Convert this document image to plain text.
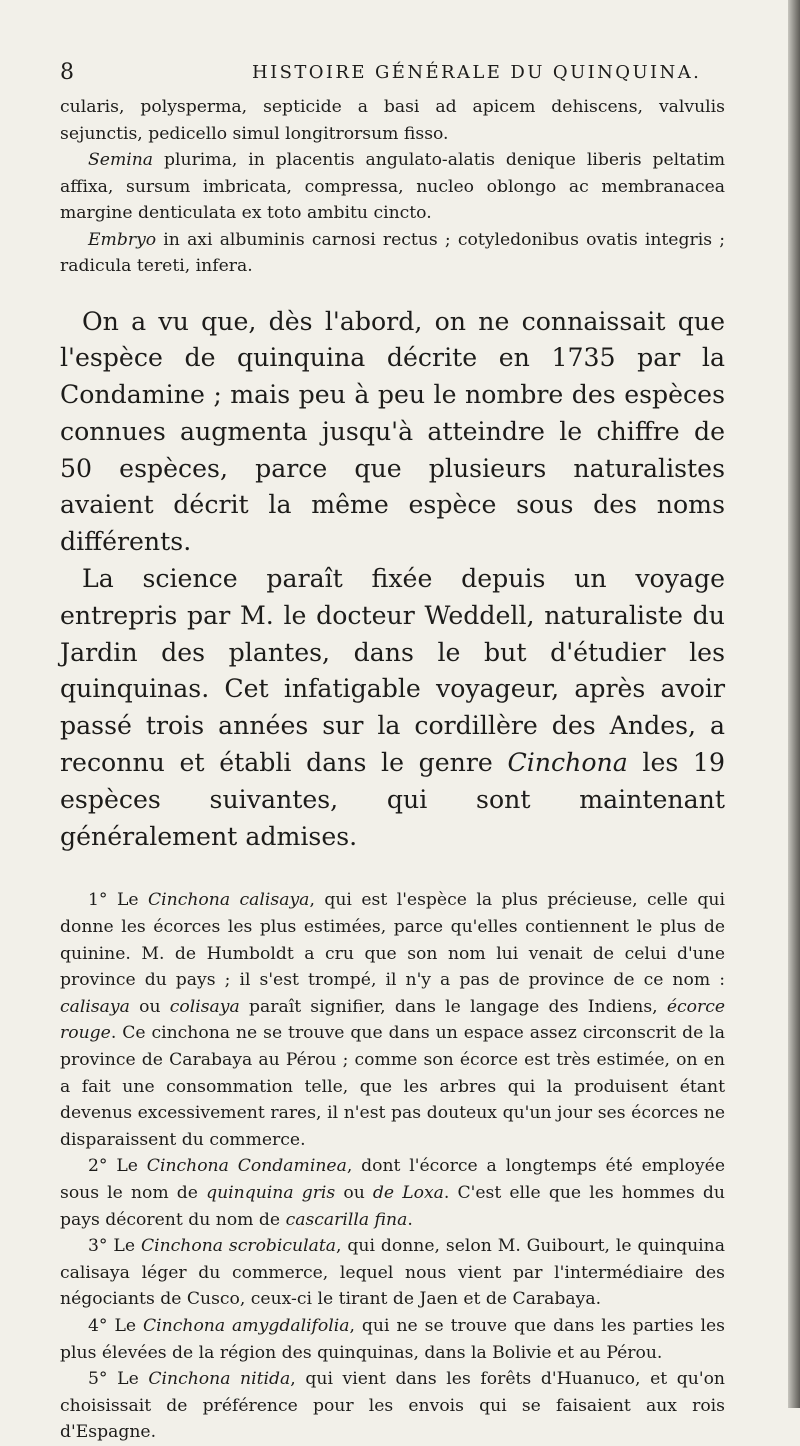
8	HISTOIRE GÉNÉRALE DU QUINQUINA.

cularis, polysperma, septicide a basi ad apicem dehiscens, valvulis sejunctis, pedicello simul longitrorsum fisso.

Semina plurima, in placentis angulato-alatis denique liberis peltatim affixa, sursum imbricata, compressa, nucleo oblongo ac membranacea margine denticulata ex toto ambitu cincto.

Embryo in axi albuminis carnosi rectus ; cotyledonibus ovatis integris ; radicula tereti, infera.

On a vu que, dès l'abord, on ne connaissait que l'espèce de quinquina décrite en 1735 par la Condamine ; mais peu à peu le nombre des espèces connues augmenta jusqu'à atteindre le chiffre de 50 espèces, parce que plusieurs naturalistes avaient décrit la même espèce sous des noms différents.

La science paraît fixée depuis un voyage entrepris par M. le docteur Weddell, naturaliste du Jardin des plantes, dans le but d'étudier les quinquinas. Cet infatigable voyageur, après avoir passé trois années sur la cordillère des Andes, a reconnu et établi dans le genre Cinchona les 19 espèces suivantes, qui sont maintenant généralement admises.

1° Le Cinchona calisaya, qui est l'espèce la plus précieuse, celle qui donne les écorces les plus estimées, parce qu'elles contiennent le plus de quinine. M. de Humboldt a cru que son nom lui venait de celui d'une province du pays ; il s'est trompé, il n'y a pas de province de ce nom : calisaya ou colisaya paraît signifier, dans le langage des Indiens, écorce rouge. Ce cinchona ne se trouve que dans un espace assez circonscrit de la province de Carabaya au Pérou ; comme son écorce est très estimée, on en a fait une consommation telle, que les arbres qui la produisent étant devenus excessivement rares, il n'est pas douteux qu'un jour ses écorces ne disparaissent du commerce.

2° Le Cinchona Condaminea, dont l'écorce a longtemps été employée sous le nom de quinquina gris ou de Loxa. C'est elle que les hommes du pays décorent du nom de cascarilla fina.

3° Le Cinchona scrobiculata, qui donne, selon M. Guibourt, le quinquina calisaya léger du commerce, lequel nous vient par l'intermédiaire des négociants de Cusco, ceux-ci le tirant de Jaen et de Carabaya.

4° Le Cinchona amygdalifolia, qui ne se trouve que dans les parties les plus élevées de la région des quinquinas, dans la Bolivie et au Pérou.

5° Le Cinchona nitida, qui vient dans les forêts d'Huanuco, et qu'on choisissait de préférence pour les envois qui se faisaient aux rois d'Espagne.
